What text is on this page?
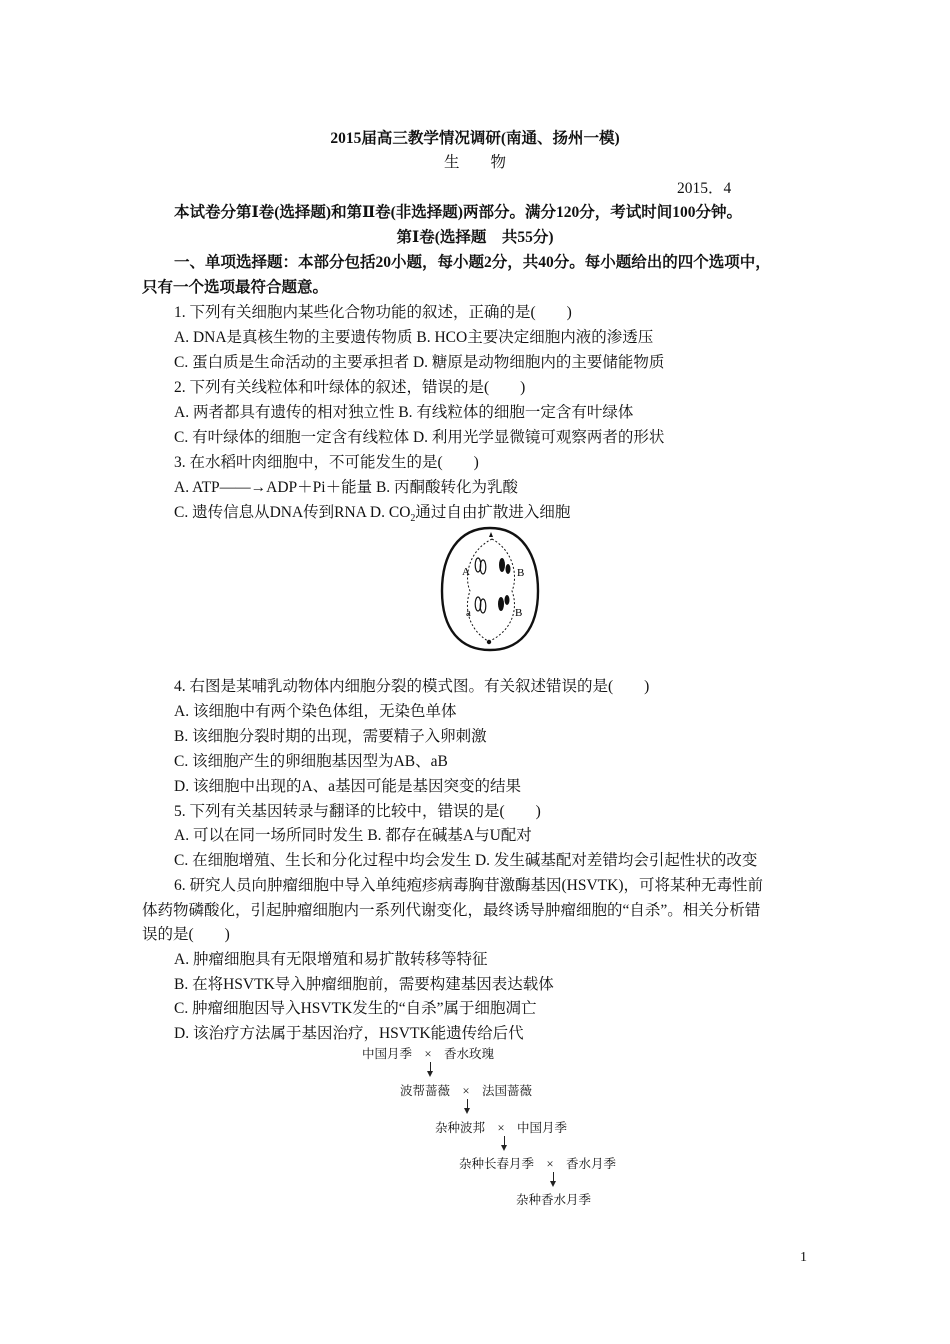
2015届高三教学情况调研(南通、扬州一模)
生　　物
2015．4
本试卷分第Ⅰ卷(选择题)和第Ⅱ卷(非选择题)两部分。满分120分，考试时间100分钟。
第Ⅰ卷(选择题　共55分)
一、单项选择题：本部分包括20小题，每小题2分，共40分。每小题给出的四个选项中，
只有一个选项最符合题意。
1. 下列有关细胞内某些化合物功能的叙述，正确的是(　　)
A. DNA是真核生物的主要遗传物质 B. HCO主要决定细胞内液的渗透压
C. 蛋白质是生命活动的主要承担者 D. 糖原是动物细胞内的主要储能物质
2. 下列有关线粒体和叶绿体的叙述，错误的是(　　)
A. 两者都具有遗传的相对独立性 B. 有线粒体的细胞一定含有叶绿体
C. 有叶绿体的细胞一定含有线粒体 D. 利用光学显微镜可观察两者的形状
3. 在水稻叶肉细胞中，不可能发生的是(　　)
A. ATP——→ADP＋Pi＋能量 B. 丙酮酸转化为乳酸
C. 遗传信息从DNA传到RNA D. $CO_2$通过自由扩散进入细胞
A	B
a	B
4. 右图是某哺乳动物体内细胞分裂的模式图。有关叙述错误的是(　　)
A. 该细胞中有两个染色体组，无染色单体
B. 该细胞分裂时期的出现，需要精子入卵刺激
C. 该细胞产生的卵细胞基因型为AB、aB
D. 该细胞中出现的A、a基因可能是基因突变的结果
5. 下列有关基因转录与翻译的比较中，错误的是(　　)
A. 可以在同一场所同时发生 B. 都存在碱基A与U配对
C. 在细胞增殖、生长和分化过程中均会发生 D. 发生碱基配对差错均会引起性状的改变
6. 研究人员向肿瘤细胞中导入单纯疱疹病毒胸苷激酶基因(HSVTK)，可将某种无毒性前
体药物磷酸化，引起肿瘤细胞内一系列代谢变化，最终诱导肿瘤细胞的“自杀”。相关分析错
误的是(　　)
A. 肿瘤细胞具有无限增殖和易扩散转移等特征
B. 在将HSVTK导入肿瘤细胞前，需要构建基因表达载体
C. 肿瘤细胞因导入HSVTK发生的“自杀”属于细胞凋亡
D. 该治疗方法属于基因治疗，HSVTK能遗传给后代
中国月季　×　香水玫瑰
波帮蔷薇　×　法国蔷薇
杂种波邦　×　中国月季
杂种长春月季　×　香水月季
杂种香水月季
1
